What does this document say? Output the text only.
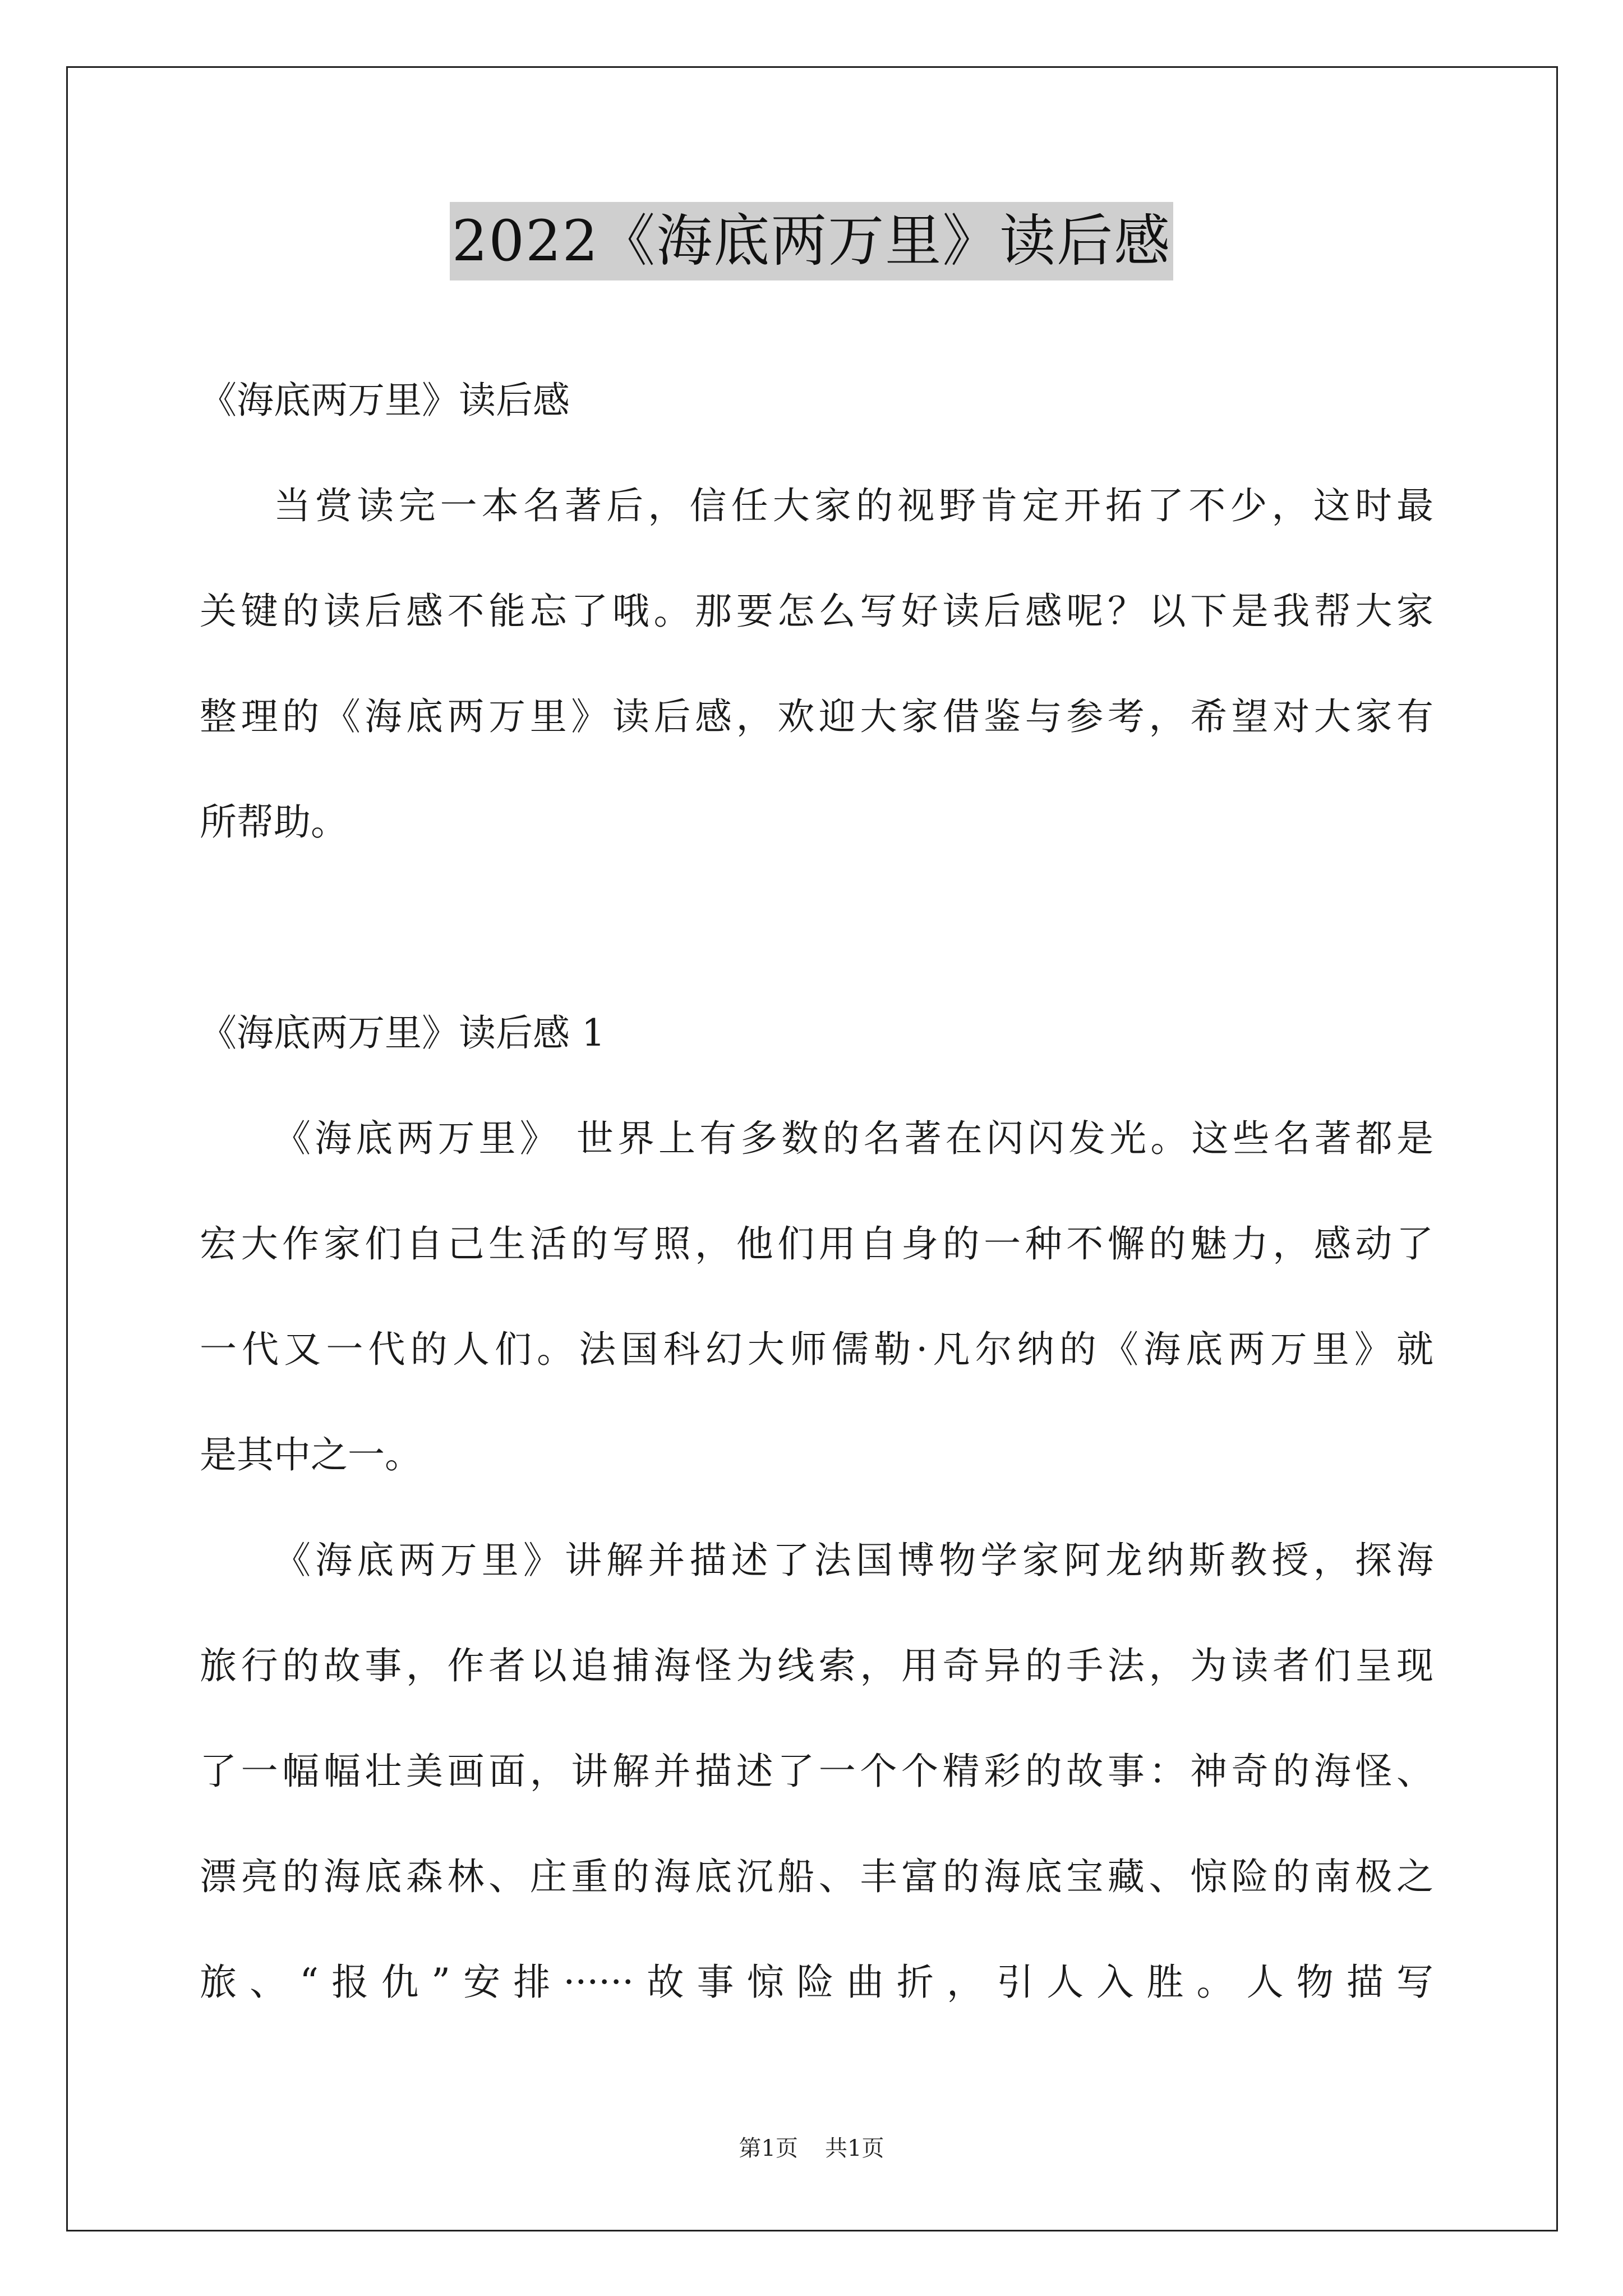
2022《海底两万里》读后感
《海底两万里》读后感
当赏读完一本名著后，信任大家的视野肯定开拓了不少，这时最
关键的读后感不能忘了哦。那要怎么写好读后感呢？以下是我帮大家
整理的《海底两万里》读后感，欢迎大家借鉴与参考，希望对大家有
所帮助。
《海底两万里》读后感 1
《海底两万里》 世界上有多数的名著在闪闪发光。这些名著都是
宏大作家们自己生活的写照，他们用自身的一种不懈的魅力，感动了
一代又一代的人们。法国科幻大师儒勒·凡尔纳的《海底两万里》就
是其中之一。
《海底两万里》讲解并描述了法国博物学家阿龙纳斯教授，探海
旅行的故事，作者以追捕海怪为线索，用奇异的手法，为读者们呈现
了一幅幅壮美画面，讲解并描述了一个个精彩的故事：神奇的海怪、
漂亮的海底森林、庄重的海底沉船、丰富的海底宝藏、惊险的南极之
旅、“报仇”安排······故事惊险曲折，引人入胜。人物描写
第1页 共1页
